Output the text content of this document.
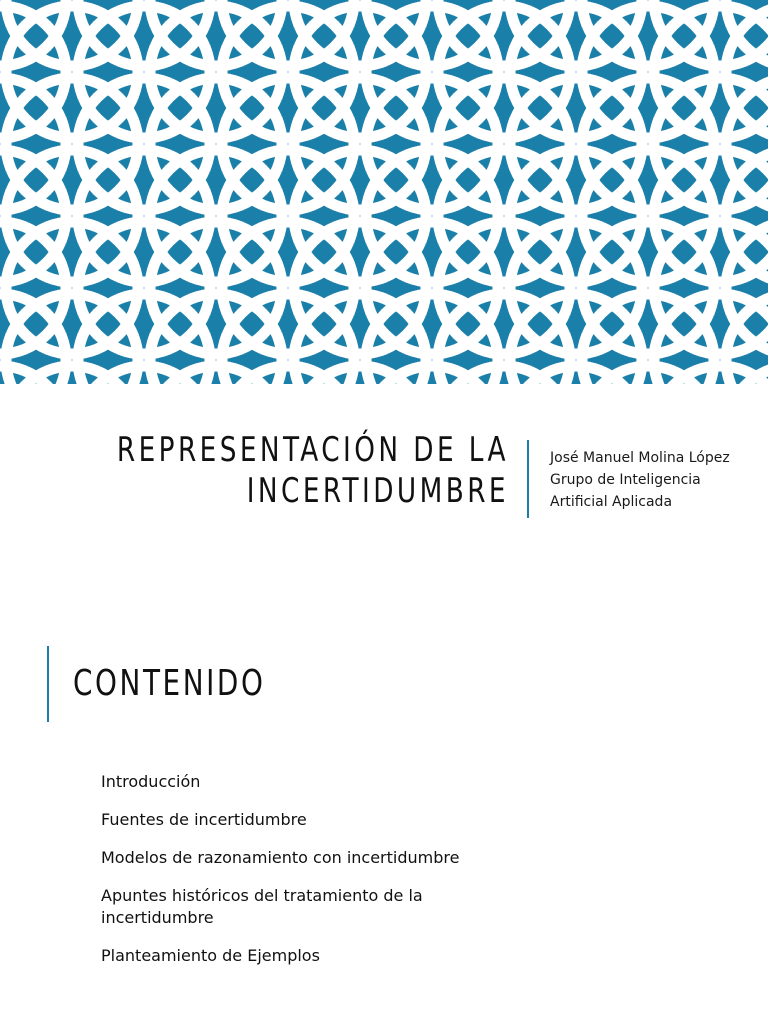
REPRESENTACIÓN DE LA
INCERTIDUMBRE
José Manuel Molina López
Grupo de Inteligencia
Artificial Aplicada
CONTENIDO
Introducción
Fuentes de incertidumbre
Modelos de razonamiento con incertidumbre
Apuntes históricos del tratamiento de la incertidumbre
Planteamiento de Ejemplos
